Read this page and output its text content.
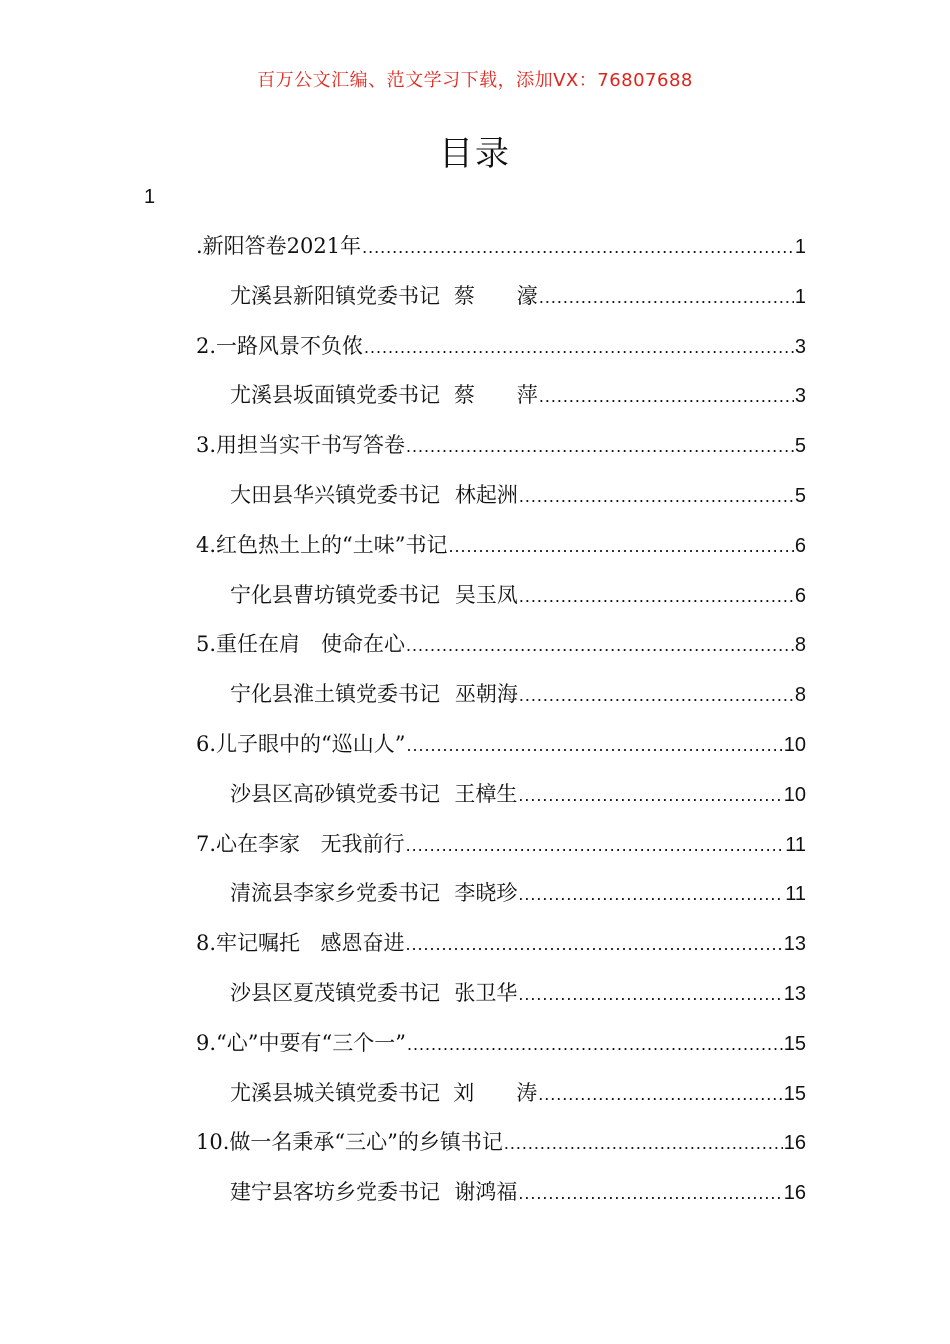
百万公文汇编、范文学习下载，添加VX：76807688
目录
1
.新阳答卷2021年 .....	1
尤溪县新阳镇党委书记 蔡　　濠 .....	1
2.一路风景不负侬 .....	3
尤溪县坂面镇党委书记 蔡　　萍 .....	3
3.用担当实干书写答卷 .....	5
大田县华兴镇党委书记 林起洲 .....	5
4.红色热土上的“土味”书记 .....	6
宁化县曹坊镇党委书记 吴玉凤 .....	6
5.重任在肩 使命在心 .....	8
宁化县淮土镇党委书记 巫朝海 .....	8
6.儿子眼中的“巡山人” .....	10
沙县区高砂镇党委书记 王樟生 .....	10
7.心在李家 无我前行 .....	11
清流县李家乡党委书记 李晓珍 .....	11
8.牢记嘱托 感恩奋进 .....	13
沙县区夏茂镇党委书记 张卫华 .....	13
9.“心”中要有“三个一” .....	15
尤溪县城关镇党委书记 刘　　涛 .....	15
10.做一名秉承“三心”的乡镇书记 .....	16
建宁县客坊乡党委书记 谢鸿福 .....	16
